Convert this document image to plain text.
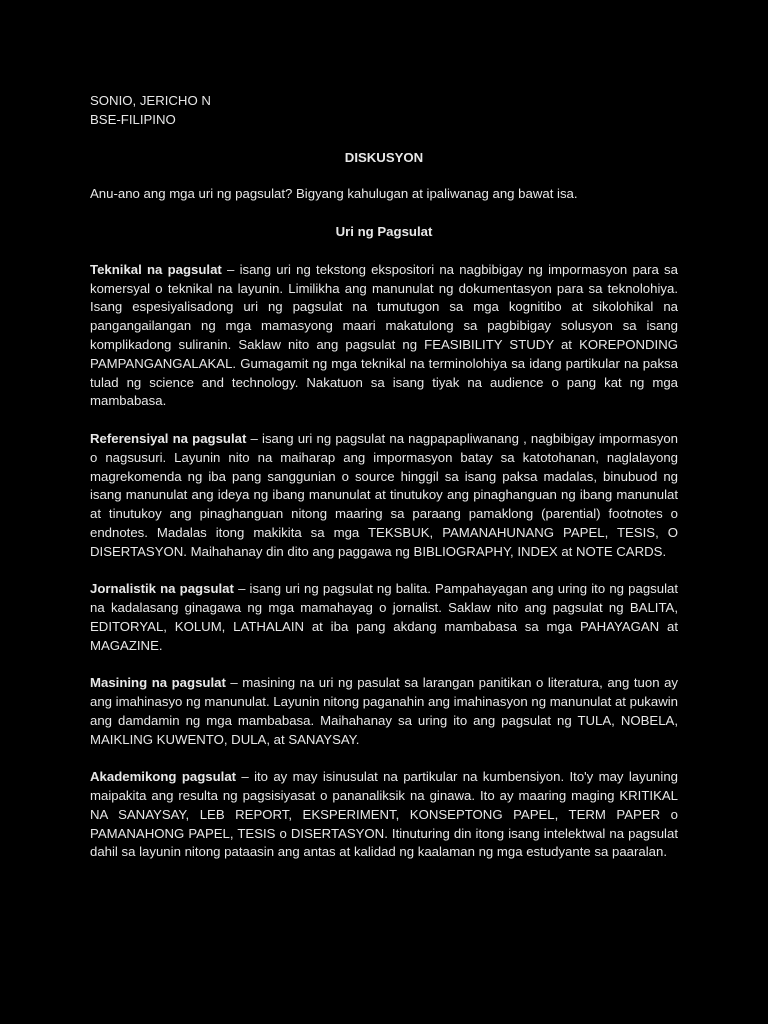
SONIO, JERICHO N

BSE-FILIPINO

DISKUSYON

Anu-ano ang mga uri ng pagsulat? Bigyang kahulugan at ipaliwanag ang bawat isa.

Uri ng Pagsulat

Teknikal na pagsulat – isang uri ng tekstong ekspositori na nagbibigay ng impormasyon para sa komersyal o teknikal na layunin. Limilikha ang manunulat ng dokumentasyon para sa teknolohiya. Isang espesiyalisadong uri ng pagsulat na tumutugon sa mga kognitibo at sikolohikal na pangangailangan ng mga mamasyong maari makatulong sa pagbibigay solusyon sa isang komplikadong suliranin. Saklaw nito ang pagsulat ng FEASIBILITY STUDY at KOREPONDING PAMPANGANGALAKAL. Gumagamit ng mga teknikal na terminolohiya sa idang partikular na paksa tulad ng science and technology. Nakatuon sa isang tiyak na audience o pang kat ng mga mambabasa.

Referensiyal na pagsulat – isang uri ng pagsulat na nagpapapliwanang , nagbibigay impormasyon o nagsusuri. Layunin nito na maiharap ang impormasyon batay sa katotohanan, naglalayong magrekomenda ng iba pang sanggunian o source hinggil sa isang paksa madalas, binubuod ng isang manunulat ang ideya ng ibang manunulat at tinutukoy ang pinaghanguan ng ibang manunulat at tinutukoy ang pinaghanguan nitong maaring sa paraang pamaklong (parential) footnotes o endnotes. Madalas itong makikita sa mga TEKSBUK, PAMANAHUNANG PAPEL, TESIS, O DISERTASYON. Maihahanay din dito ang paggawa ng BIBLIOGRAPHY, INDEX at NOTE CARDS.

Jornalistik na pagsulat – isang uri ng pagsulat ng balita. Pampahayagan ang uring ito ng pagsulat na kadalasang ginagawa ng mga mamahayag o jornalist. Saklaw nito ang pagsulat ng BALITA, EDITORYAL, KOLUM, LATHALAIN at iba pang akdang mambabasa sa mga PAHAYAGAN at MAGAZINE.

Masining na pagsulat – masining na uri ng pasulat sa larangan panitikan o literatura, ang tuon ay ang imahinasyo ng manunulat. Layunin nitong paganahin ang imahinasyon ng manunulat at pukawin ang damdamin ng mga mambabasa. Maihahanay sa uring ito ang pagsulat ng TULA, NOBELA, MAIKLING KUWENTO, DULA, at SANAYSAY.

Akademikong pagsulat – ito ay may isinusulat na partikular na kumbensiyon. Ito'y may layuning maipakita ang resulta ng pagsisiyasat o pananaliksik na ginawa. Ito ay maaring maging KRITIKAL NA SANAYSAY, LEB REPORT, EKSPERIMENT, KONSEPTONG PAPEL, TERM PAPER o PAMANAHONG PAPEL, TESIS o DISERTASYON. Itinuturing din itong isang intelektwal na pagsulat dahil sa layunin nitong pataasin ang antas at kalidad ng kaalaman ng mga estudyante sa paaralan.
